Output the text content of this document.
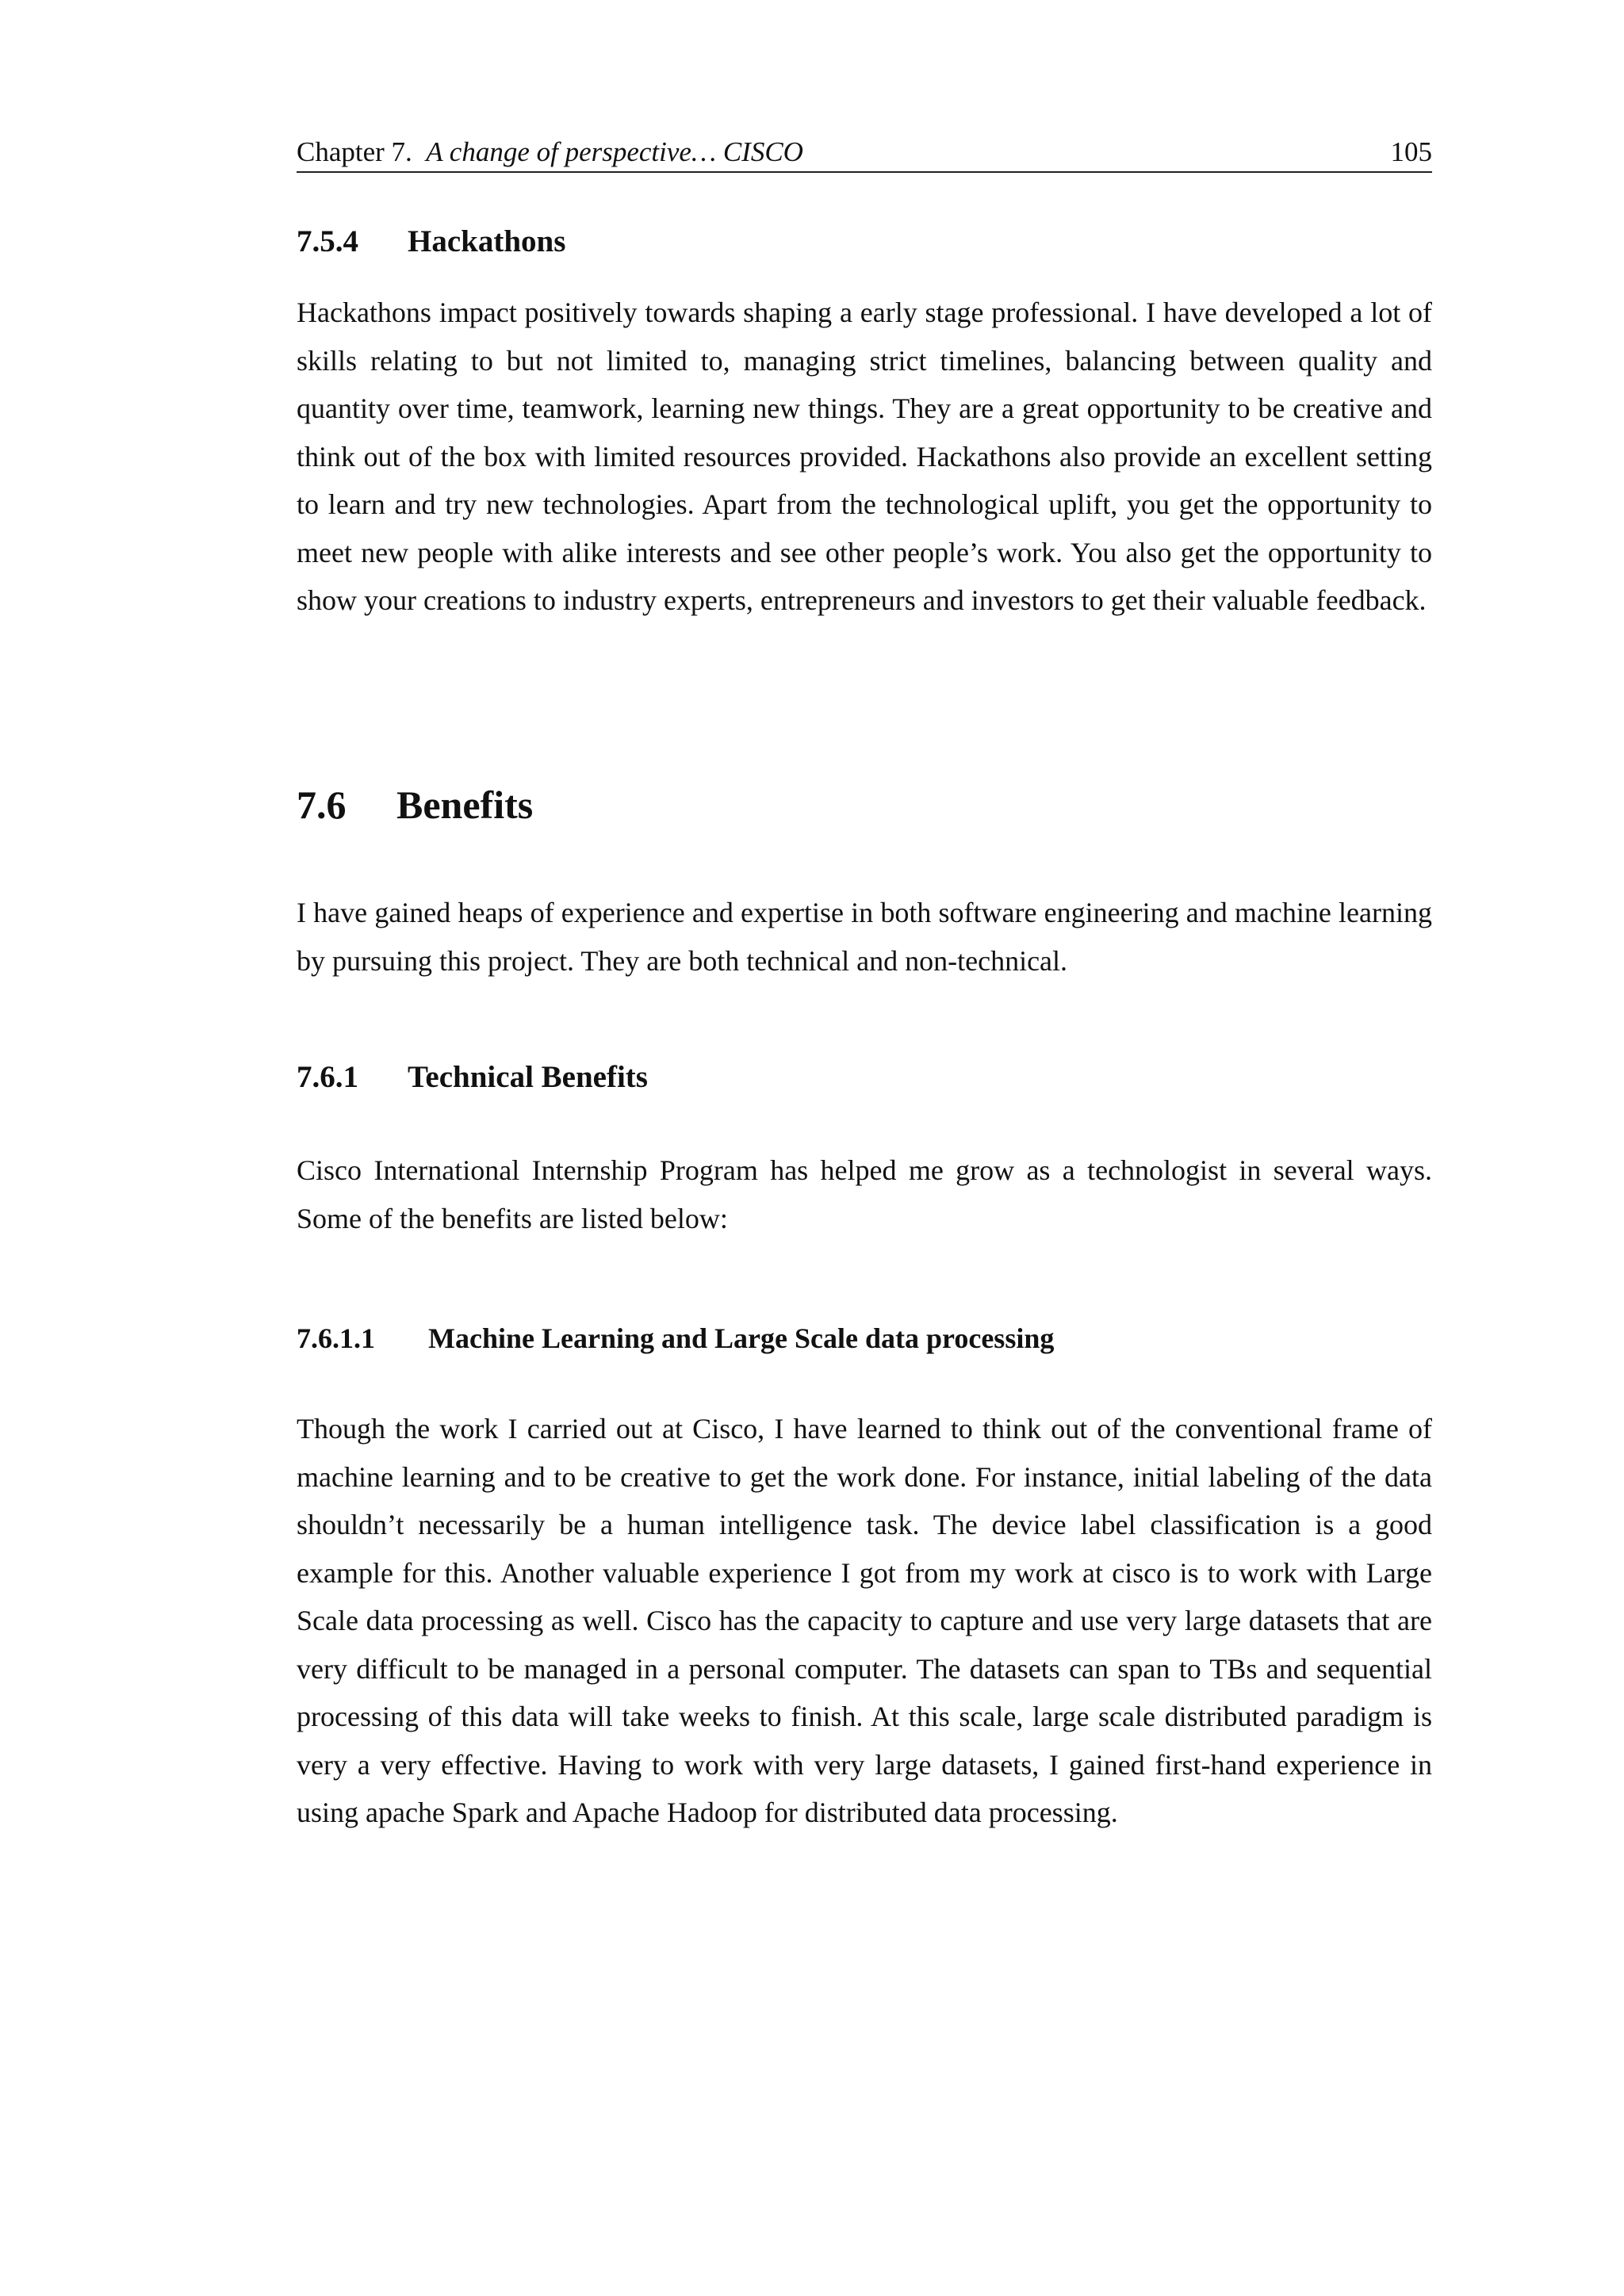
Chapter 7. A change of perspective… CISCO	105
7.5.4 Hackathons

Hackathons impact positively towards shaping a early stage professional. I have developed a lot of skills relating to but not limited to, managing strict timelines, balancing between quality and quantity over time, teamwork, learning new things. They are a great opportunity to be creative and think out of the box with limited resources provided. Hackathons also provide an excellent setting to learn and try new technologies. Apart from the technological uplift, you get the opportunity to meet new people with alike interests and see other people’s work. You also get the opportunity to show your creations to industry experts, entrepreneurs and investors to get their valuable feedback.

7.6 Benefits

I have gained heaps of experience and expertise in both software engineering and machine learning by pursuing this project. They are both technical and non-technical.

7.6.1 Technical Benefits

Cisco International Internship Program has helped me grow as a technologist in several ways. Some of the benefits are listed below:

7.6.1.1 Machine Learning and Large Scale data processing

Though the work I carried out at Cisco, I have learned to think out of the conventional frame of machine learning and to be creative to get the work done. For instance, initial labeling of the data shouldn’t necessarily be a human intelligence task. The device label classification is a good example for this. Another valuable experience I got from my work at cisco is to work with Large Scale data processing as well. Cisco has the capacity to capture and use very large datasets that are very difficult to be managed in a personal computer. The datasets can span to TBs and sequential processing of this data will take weeks to finish. At this scale, large scale distributed paradigm is very a very effective. Having to work with very large datasets, I gained first-hand experience in using apache Spark and Apache Hadoop for distributed data processing.
